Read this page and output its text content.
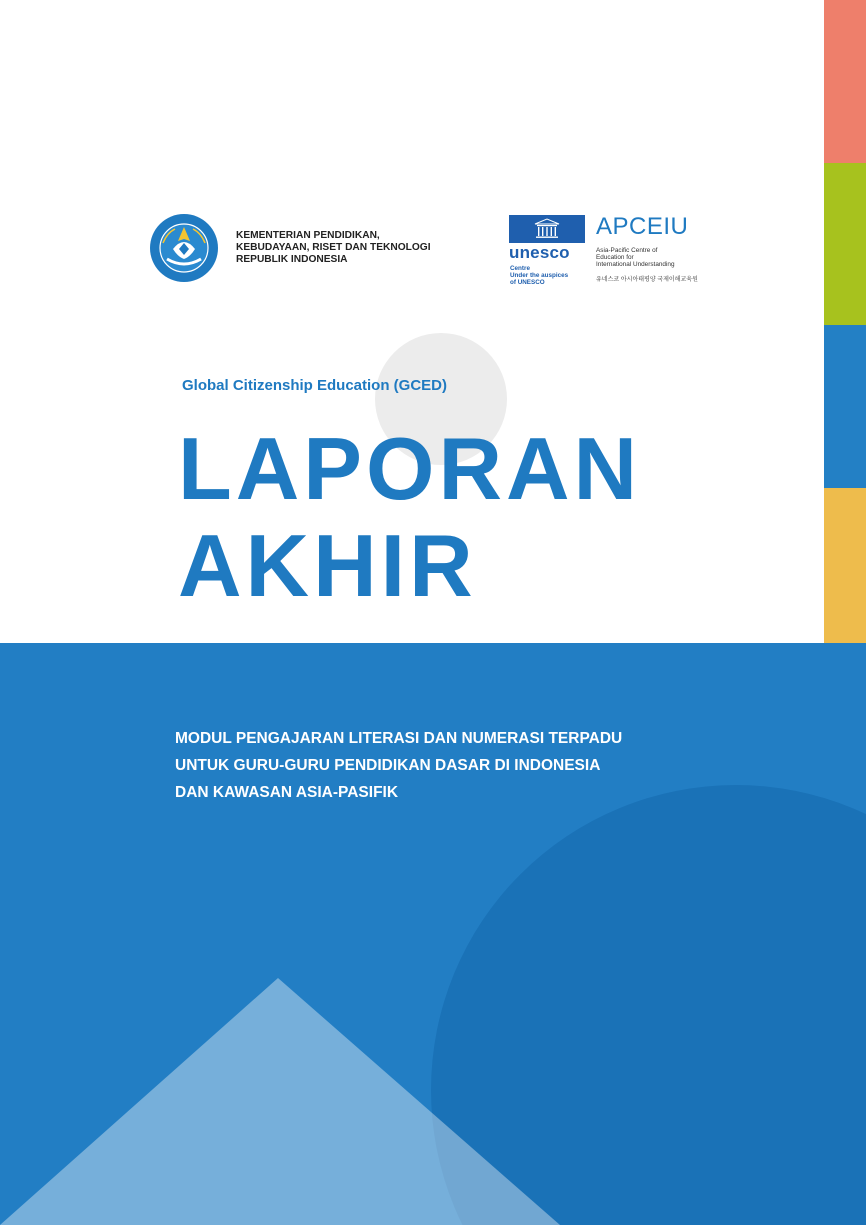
KEMENTERIAN PENDIDIKAN,
KEBUDAYAAN, RISET DAN TEKNOLOGI
REPUBLIK INDONESIA	unesco
Centre
Under the auspices
of UNESCO
APCEIU
Asia-Pacific Centre of
Education for
International Understanding
유네스코 아시아태평양 국제이해교육원
Global Citizenship Education (GCED)
LAPORAN
AKHIR
MODUL PENGAJARAN LITERASI DAN NUMERASI TERPADU
UNTUK GURU-GURU PENDIDIKAN DASAR DI INDONESIA
DAN KAWASAN ASIA-PASIFIK
